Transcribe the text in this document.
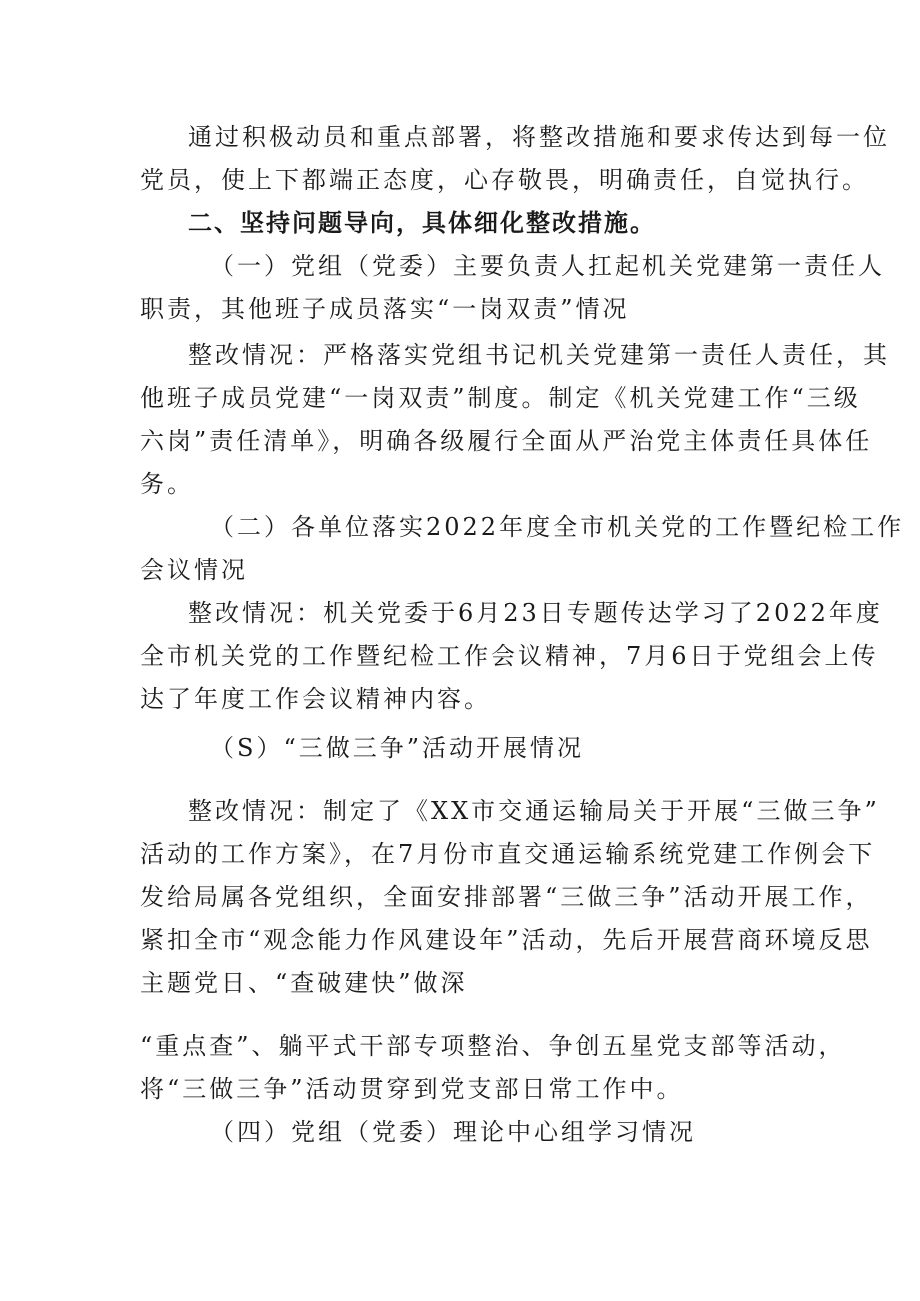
通过积极动员和重点部署，将整改措施和要求传达到每一位
党员，使上下都端正态度，心存敬畏，明确责任，自觉执行。
二、坚持问题导向，具体细化整改措施。
（一）党组（党委）主要负责人扛起机关党建第一责任人
职责，其他班子成员落实“一岗双责”情况
整改情况：严格落实党组书记机关党建第一责任人责任，其
他班子成员党建“一岗双责”制度。制定《机关党建工作“三级
六岗”责任清单》，明确各级履行全面从严治党主体责任具体任
务。
（二）各单位落实2022年度全市机关党的工作暨纪检工作
会议情况
整改情况：机关党委于6月23日专题传达学习了2022年度
全市机关党的工作暨纪检工作会议精神，7月6日于党组会上传
达了年度工作会议精神内容。
（S）“三做三争”活动开展情况
整改情况：制定了《XX市交通运输局关于开展“三做三争”
活动的工作方案》，在7月份市直交通运输系统党建工作例会下
发给局属各党组织，全面安排部署“三做三争”活动开展工作，
紧扣全市“观念能力作风建设年”活动，先后开展营商环境反思
主题党日、“查破建快”做深
“重点查”、躺平式干部专项整治、争创五星党支部等活动，
将“三做三争”活动贯穿到党支部日常工作中。
（四）党组（党委）理论中心组学习情况
